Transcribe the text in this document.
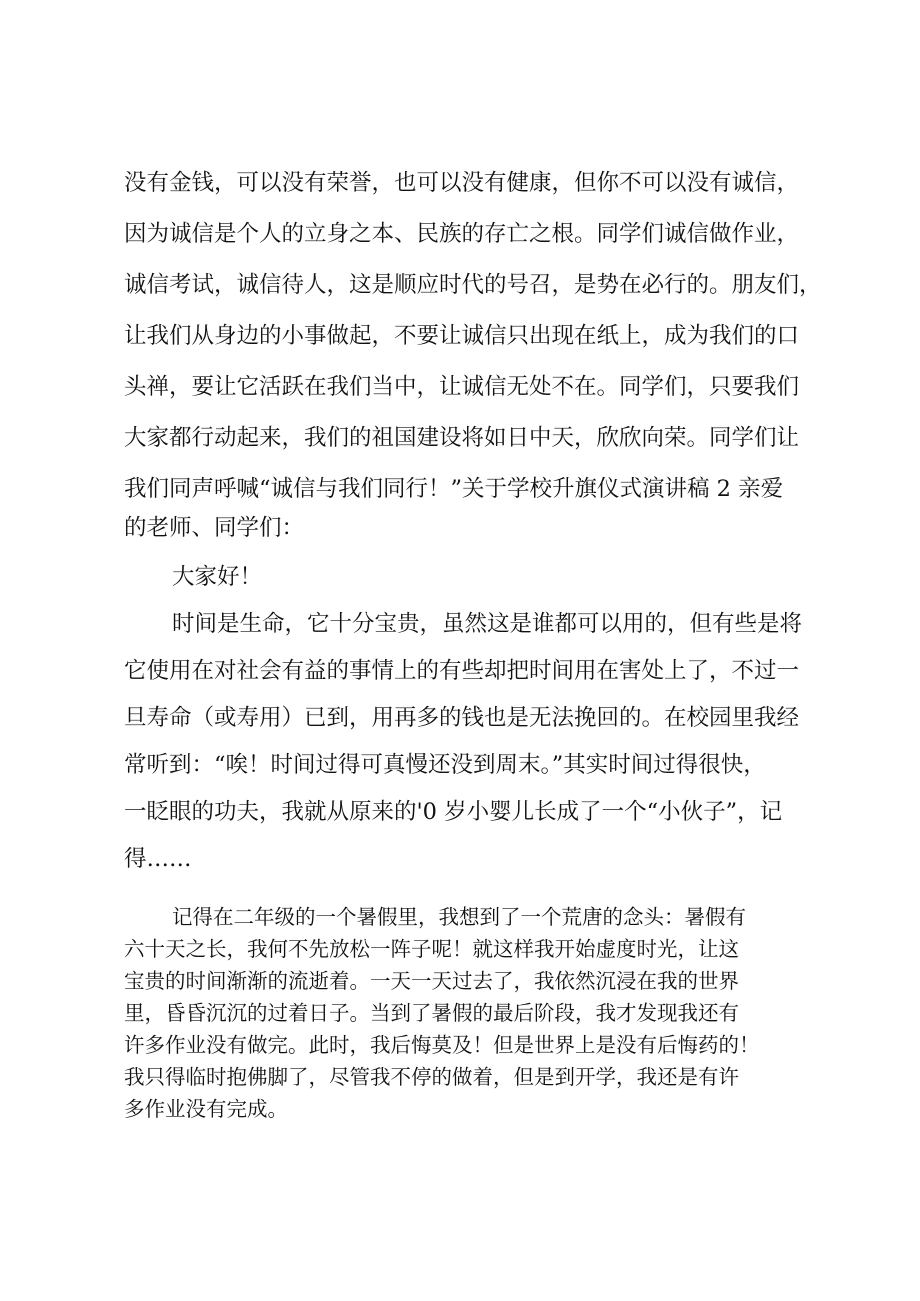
没有金钱，可以没有荣誉，也可以没有健康，但你不可以没有诚信，
因为诚信是个人的立身之本、民族的存亡之根。同学们诚信做作业，
诚信考试，诚信待人，这是顺应时代的号召，是势在必行的。朋友们，
让我们从身边的小事做起，不要让诚信只出现在纸上，成为我们的口
头禅，要让它活跃在我们当中，让诚信无处不在。同学们，只要我们
大家都行动起来，我们的祖国建设将如日中天，欣欣向荣。同学们让
我们同声呼喊“诚信与我们同行！”关于学校升旗仪式演讲稿 2 亲爱
的老师、同学们：
大家好！
时间是生命，它十分宝贵，虽然这是谁都可以用的，但有些是将
它使用在对社会有益的事情上的有些却把时间用在害处上了，不过一
旦寿命（或寿用）已到，用再多的钱也是无法挽回的。在校园里我经
常听到：“唉！时间过得可真慢还没到周末。”其实时间过得很快，
一眨眼的功夫，我就从原来的'0 岁小婴儿长成了一个“小伙子”，记
得……
记得在二年级的一个暑假里，我想到了一个荒唐的念头：暑假有
六十天之长，我何不先放松一阵子呢！就这样我开始虚度时光，让这
宝贵的时间渐渐的流逝着。一天一天过去了，我依然沉浸在我的世界
里，昏昏沉沉的过着日子。当到了暑假的最后阶段，我才发现我还有
许多作业没有做完。此时，我后悔莫及！但是世界上是没有后悔药的！
我只得临时抱佛脚了，尽管我不停的做着，但是到开学，我还是有许
多作业没有完成。
